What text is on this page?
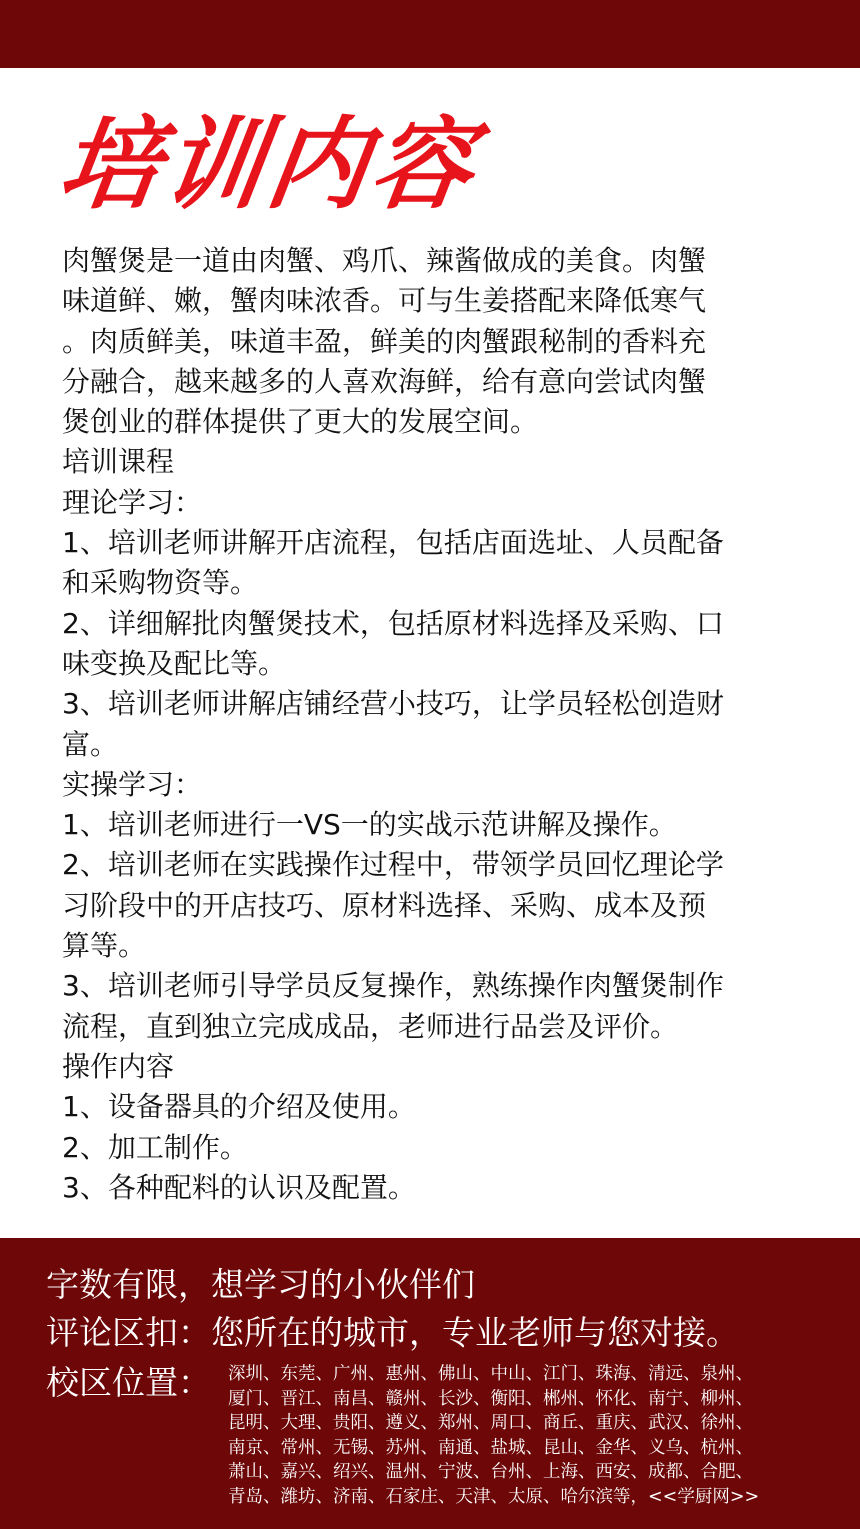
培训内容
肉蟹煲是一道由肉蟹、鸡爪、辣酱做成的美食。肉蟹
味道鲜、嫩，蟹肉味浓香。可与生姜搭配来降低寒气
。肉质鲜美，味道丰盈，鲜美的肉蟹跟秘制的香料充
分融合，越来越多的人喜欢海鲜，给有意向尝试肉蟹
煲创业的群体提供了更大的发展空间。
培训课程
理论学习：
1、培训老师讲解开店流程，包括店面选址、人员配备
和采购物资等。
2、详细解批肉蟹煲技术，包括原材料选择及采购、口
味变换及配比等。
3、培训老师讲解店铺经营小技巧，让学员轻松创造财
富。
实操学习：
1、培训老师进行一VS一的实战示范讲解及操作。
2、培训老师在实践操作过程中，带领学员回忆理论学
习阶段中的开店技巧、原材料选择、采购、成本及预
算等。
3、培训老师引导学员反复操作，熟练操作肉蟹煲制作
流程，直到独立完成成品，老师进行品尝及评价。
操作内容
1、设备器具的介绍及使用。
2、加工制作。
3、各种配料的认识及配置。
字数有限，想学习的小伙伴们
评论区扣：您所在的城市，专业老师与您对接。
校区位置： 深圳、东莞、广州、惠州、佛山、中山、江门、珠海、清远、泉州、
厦门、晋江、南昌、赣州、长沙、衡阳、郴州、怀化、南宁、柳州、
昆明、大理、贵阳、遵义、郑州、周口、商丘、重庆、武汉、徐州、
南京、常州、无锡、苏州、南通、盐城、昆山、金华、义乌、杭州、
萧山、嘉兴、绍兴、温州、宁波、台州、上海、西安、成都、合肥、
青岛、潍坊、济南、石家庄、天津、太原、哈尔滨等，<<学厨网>>
